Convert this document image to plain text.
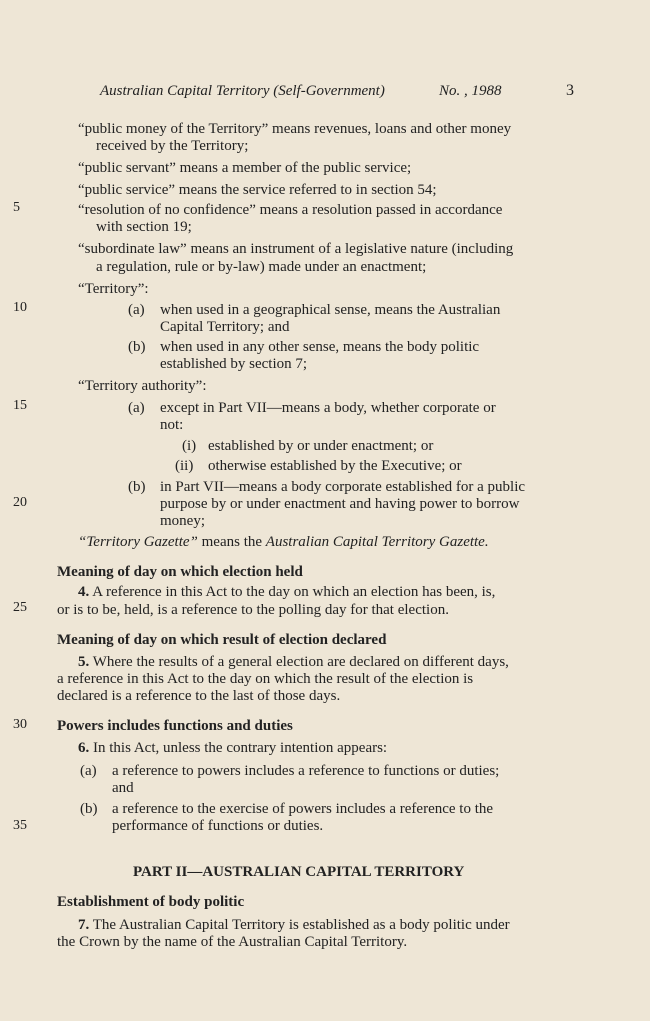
Australian Capital Territory (Self-Government)	No. , 1988	3
5
10
15
20
25
30
35
“public money of the Territory” means revenues, loans and other money
received by the Territory;
“public servant” means a member of the public service;
“public service” means the service referred to in section 54;
“resolution of no confidence” means a resolution passed in accordance
with section 19;
“subordinate law” means an instrument of a legislative nature (including
a regulation, rule or by-law) made under an enactment;
“Territory”:
(a) when used in a geographical sense, means the Australian
Capital Territory; and
(b) when used in any other sense, means the body politic
established by section 7;
“Territory authority”:
(a) except in Part VII—means a body, whether corporate or
not:
(i) established by or under enactment; or
(ii) otherwise established by the Executive; or
(b) in Part VII—means a body corporate established for a public
purpose by or under enactment and having power to borrow
money;
“Territory Gazette” means the Australian Capital Territory Gazette.
Meaning of day on which election held
4. A reference in this Act to the day on which an election has been, is,
or is to be, held, is a reference to the polling day for that election.
Meaning of day on which result of election declared
5. Where the results of a general election are declared on different days,
a reference in this Act to the day on which the result of the election is
declared is a reference to the last of those days.
Powers includes functions and duties
6. In this Act, unless the contrary intention appears:
(a) a reference to powers includes a reference to functions or duties;
and
(b) a reference to the exercise of powers includes a reference to the
performance of functions or duties.
PART II—AUSTRALIAN CAPITAL TERRITORY
Establishment of body politic
7. The Australian Capital Territory is established as a body politic under
the Crown by the name of the Australian Capital Territory.
